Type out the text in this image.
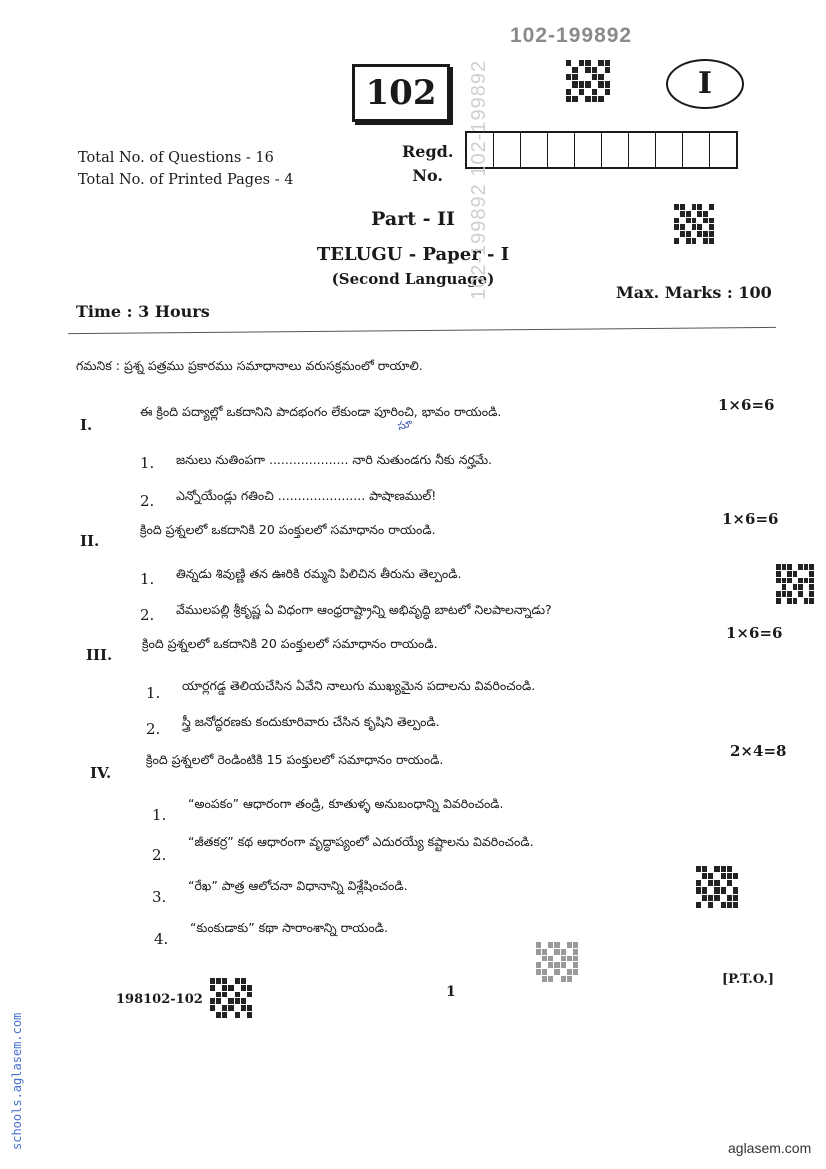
102-199892
102	I
Total No. of Questions - 16
Total No. of Printed Pages - 4
Regd.
No.
Part - II
TELUGU - Paper - I
(Second Language)
Time : 3 Hours
Max. Marks : 100
102-199892 102-199892
సూ
గమనిక : ప్రశ్న పత్రము ప్రకారము సమాధానాలు వరుసక్రమంలో రాయాలి.
I.
ఈ క్రింది పద్యాల్లో ఒకదానిని పాదభంగం లేకుండా పూరించి, భావం రాయండి.	1×6=6
1. జనులు నుతింపగా .................... నారి నుతుండగు నీకు నర్హమే.
2. ఎన్నోయేండ్లు గతించి ...................... పాషాణముల్!
II.
క్రింది ప్రశ్నలలో ఒకదానికి 20 పంక్తులలో సమాధానం రాయండి.
1×6=6
1. తిన్నడు శివుణ్ణి తన ఊరికి రమ్మని పిలిచిన తీరును తెల్పండి.
2. వేములపల్లి శ్రీకృష్ణ ఏ విధంగా ఆంధ్రరాష్ట్రాన్ని అభివృద్ధి బాటలో నిలపాలన్నాడు?
III.
క్రింది ప్రశ్నలలో ఒకదానికి 20 పంక్తులలో సమాధానం రాయండి.
1×6=6
1. యార్లగడ్డ తెలియచేసిన ఏవేని నాలుగు ముఖ్యమైన పదాలను వివరించండి.
2. స్త్రీ జనోద్ధరణకు కందుకూరివారు చేసిన కృషిని తెల్పండి.
IV.
క్రింది ప్రశ్నలలో రెండింటికి 15 పంక్తులలో సమాధానం రాయండి.	2×4=8
1.
“అంపకం” ఆధారంగా తండ్రి, కూతుళ్ళ అనుబంధాన్ని వివరించండి.
2.
“జీతకర్ర” కథ ఆధారంగా వృద్ధాప్యంలో ఎదురయ్యే కష్టాలను వివరించండి.
3.
“రేఖ” పాత్ర ఆలోచనా విధానాన్ని విశ్లేషించండి.
4.
“కుంకుడాకు” కథా సారాంశాన్ని రాయండి.
198102-102	1
[P.T.O.]
schools.aglasem.com	aglasem.com
